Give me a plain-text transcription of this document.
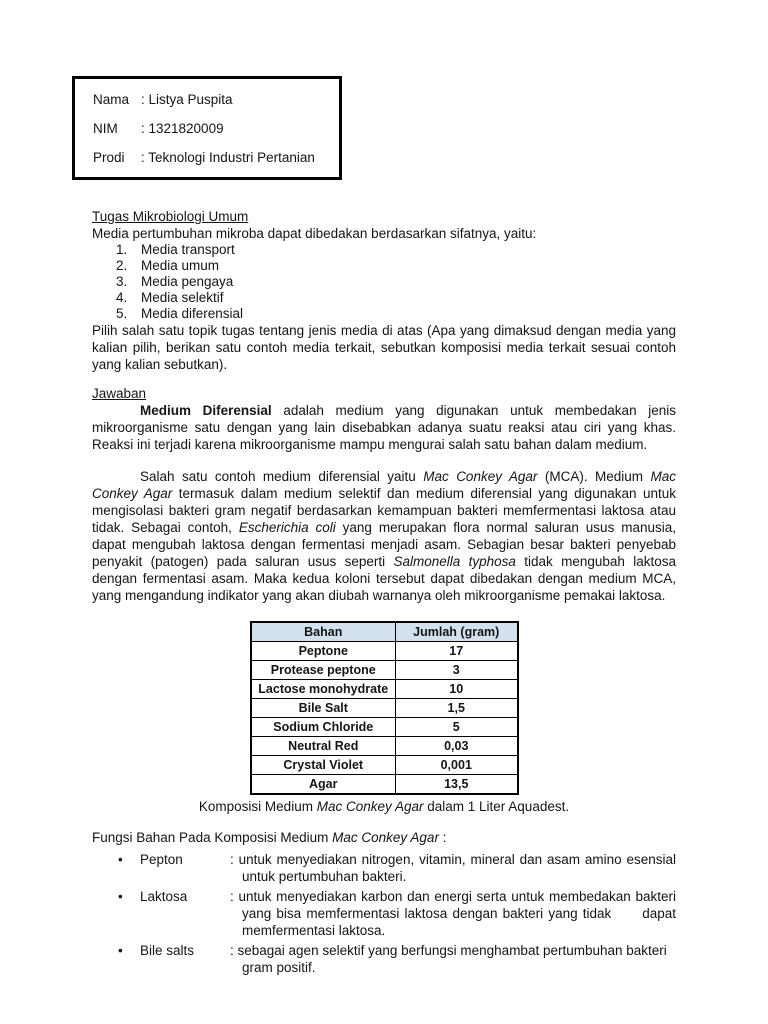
Nama : Listya Puspita
NIM	: 1321820009
Prodi	: Teknologi Industri Pertanian
Tugas Mikrobiologi Umum
Media pertumbuhan mikroba dapat dibedakan berdasarkan sifatnya, yaitu:
1. Media transport
2. Media umum
3. Media pengaya
4. Media selektif
5. Media diferensial
Pilih salah satu topik tugas tentang jenis media di atas (Apa yang dimaksud dengan media yang kalian pilih, berikan satu contoh media terkait, sebutkan komposisi media terkait sesuai contoh yang kalian sebutkan).
Jawaban
Medium Diferensial adalah medium yang digunakan untuk membedakan jenis mikroorganisme satu dengan yang lain disebabkan adanya suatu reaksi atau ciri yang khas. Reaksi ini terjadi karena mikroorganisme mampu mengurai salah satu bahan dalam medium.
Salah satu contoh medium diferensial yaitu Mac Conkey Agar (MCA). Medium Mac Conkey Agar termasuk dalam medium selektif dan medium diferensial yang digunakan untuk mengisolasi bakteri gram negatif berdasarkan kemampuan bakteri memfermentasi laktosa atau tidak. Sebagai contoh, Escherichia coli yang merupakan flora normal saluran usus manusia, dapat mengubah laktosa dengan fermentasi menjadi asam. Sebagian besar bakteri penyebab penyakit (patogen) pada saluran usus seperti Salmonella typhosa tidak mengubah laktosa dengan fermentasi asam. Maka kedua koloni tersebut dapat dibedakan dengan medium MCA, yang mengandung indikator yang akan diubah warnanya oleh mikroorganisme pemakai laktosa.
Bahan	Jumlah (gram)
Peptone	17
Protease peptone	3
Lactose monohydrate	10
Bile Salt	1,5
Sodium Chloride	5
Neutral Red	0,03
Crystal Violet	0,001
Agar	13,5
Komposisi Medium Mac Conkey Agar dalam 1 Liter Aquadest.
Fungsi Bahan Pada Komposisi Medium Mac Conkey Agar :
•	Pepton	: untuk menyediakan nitrogen, vitamin, mineral dan asam amino esensial untuk pertumbuhan bakteri.
•	Laktosa	: untuk menyediakan karbon dan energi serta untuk membedakan bakteri yang bisa memfermentasi laktosa dengan bakteri yang tidak      dapat memfermentasi laktosa.
•	Bile salts	: sebagai agen selektif yang berfungsi menghambat pertumbuhan bakteri gram positif.
